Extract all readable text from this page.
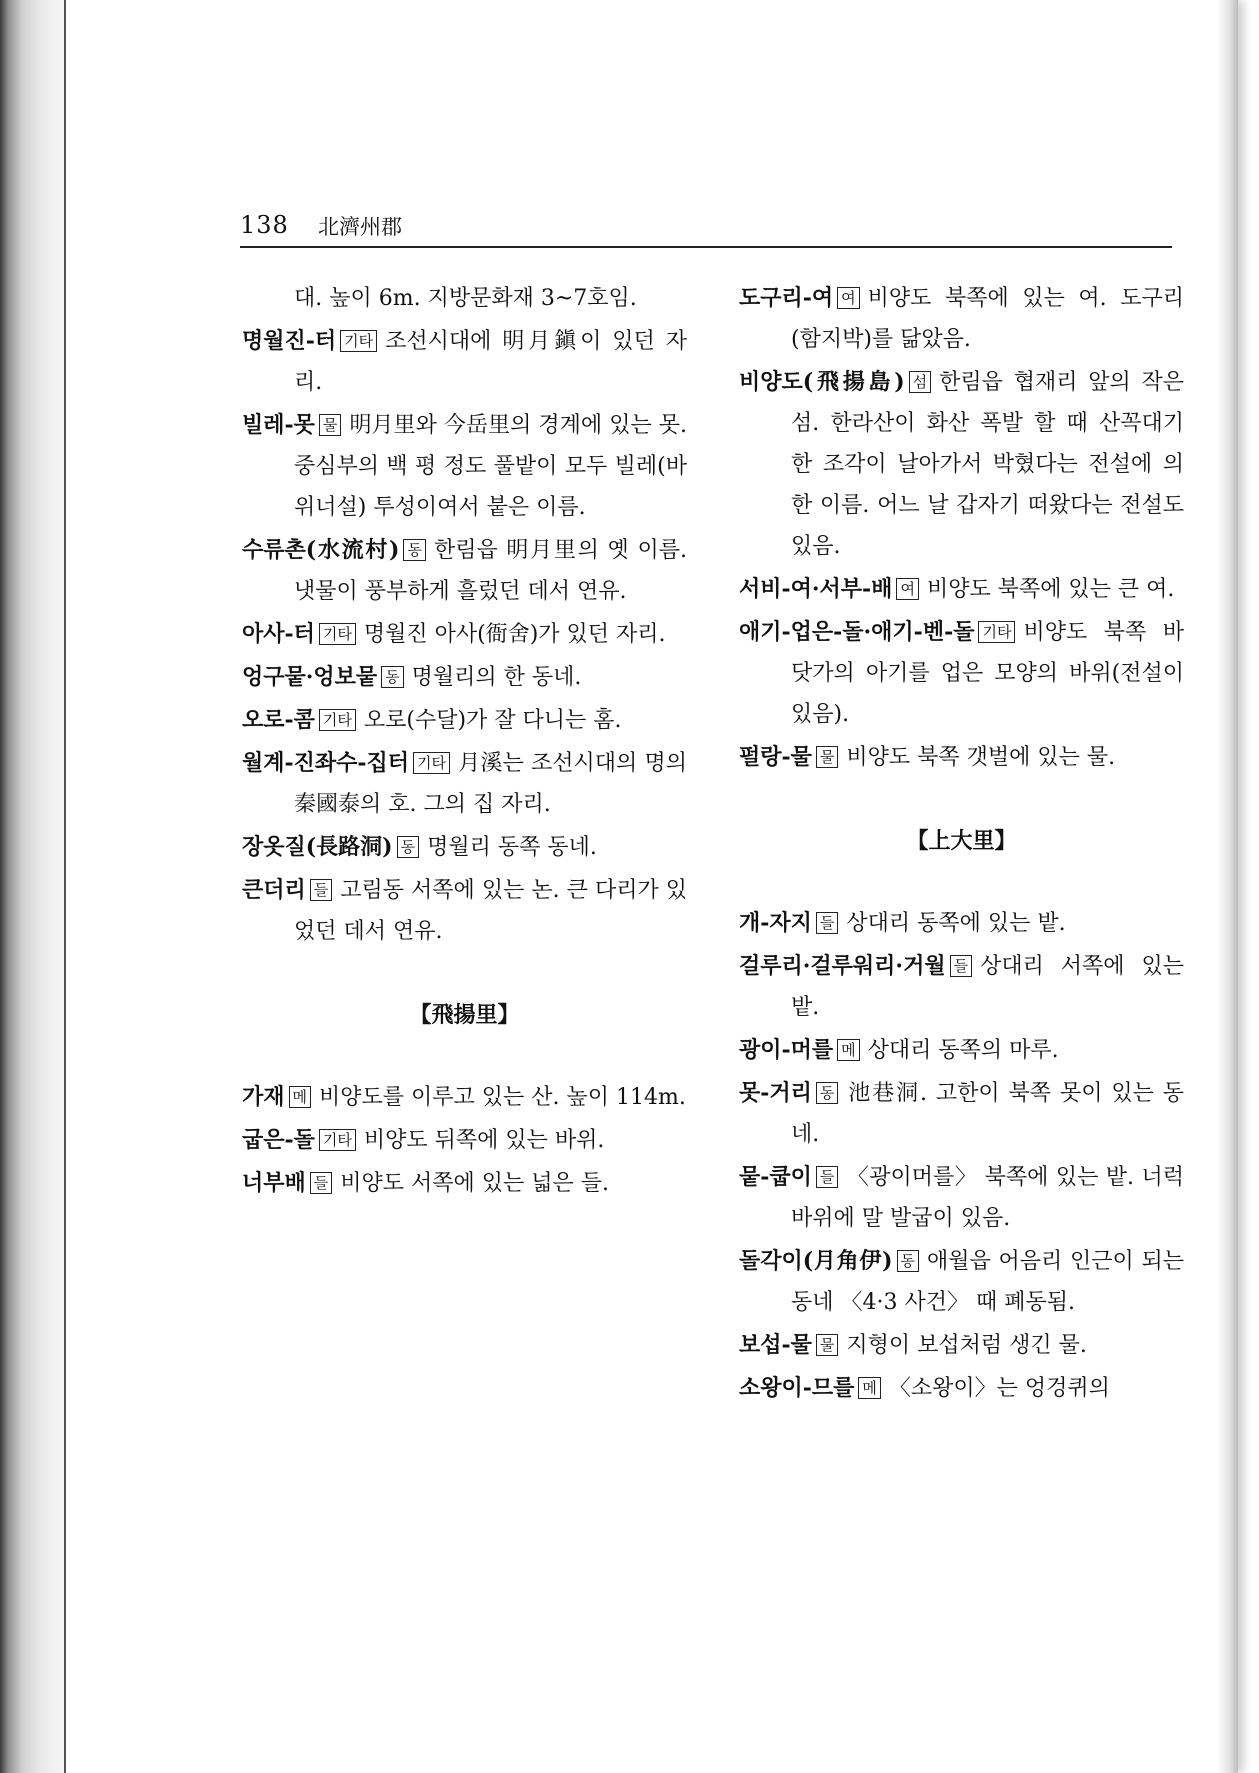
138 北濟州郡
대. 높이 6m. 지방문화재 3~7호임.
명월진-터 기타 조선시대에 明月鎭이 있던 자리.
빌레-못 물 明月里와 今岳里의 경계에 있는 못. 중심부의 백 평 정도 풀밭이 모두 빌레(바위너설) 투성이여서 붙은 이름.
수류촌(水流村) 동 한림읍 明月里의 옛 이름. 냇물이 풍부하게 흘렀던 데서 연유.
아사-터 기타 명월진 아사(衙舍)가 있던 자리.
엉구뭍·엉보뭍 동 명월리의 한 동네.
오로-콤 기타 오로(수달)가 잘 다니는 홈.
월계-진좌수-집터 기타 月溪는 조선시대의 명의 秦國泰의 호. 그의 집 자리.
장옷질(長路洞) 동 명월리 동쪽 동네.
큰더리 들 고림동 서쪽에 있는 논. 큰 다리가 있었던 데서 연유.
【飛揚里】
가재 메 비양도를 이루고 있는 산. 높이 114m.
굽은-돌 기타 비양도 뒤쪽에 있는 바위.
너부배 들 비양도 서쪽에 있는 넓은 들.
도구리-여 여 비양도 북쪽에 있는 여. 도구리(함지박)를 닮았음.
비양도(飛揚島) 섬 한림읍 협재리 앞의 작은 섬. 한라산이 화산 폭발 할 때 산꼭대기 한 조각이 날아가서 박혔다는 전설에 의한 이름. 어느 날 갑자기 떠왔다는 전설도 있음.
서비-여·서부-배 여 비양도 북쪽에 있는 큰 여.
애기-업은-돌·애기-벤-돌 기타 비양도 북쪽 바닷가의 아기를 업은 모양의 바위(전설이 있음).
펄랑-물 물 비양도 북쪽 갯벌에 있는 물.
【上大里】
개-자지 들 상대리 동쪽에 있는 밭.
걸루리·걸루워리·거월 들 상대리 서쪽에 있는 밭.
광이-머를 메 상대리 동쪽의 마루.
못-거리 동 池巷洞. 고한이 북쪽 못이 있는 동네.
뭍-쿱이 들 〈광이머를〉 북쪽에 있는 밭. 너럭바위에 말 발굽이 있음.
돌각이(月角伊) 동 애월읍 어음리 인근이 되는 동네 〈4·3 사건〉 때 폐동됨.
보섭-물 물 지형이 보섭처럼 생긴 물.
소왕이-므를 메 〈소왕이〉는 엉겅퀴의
